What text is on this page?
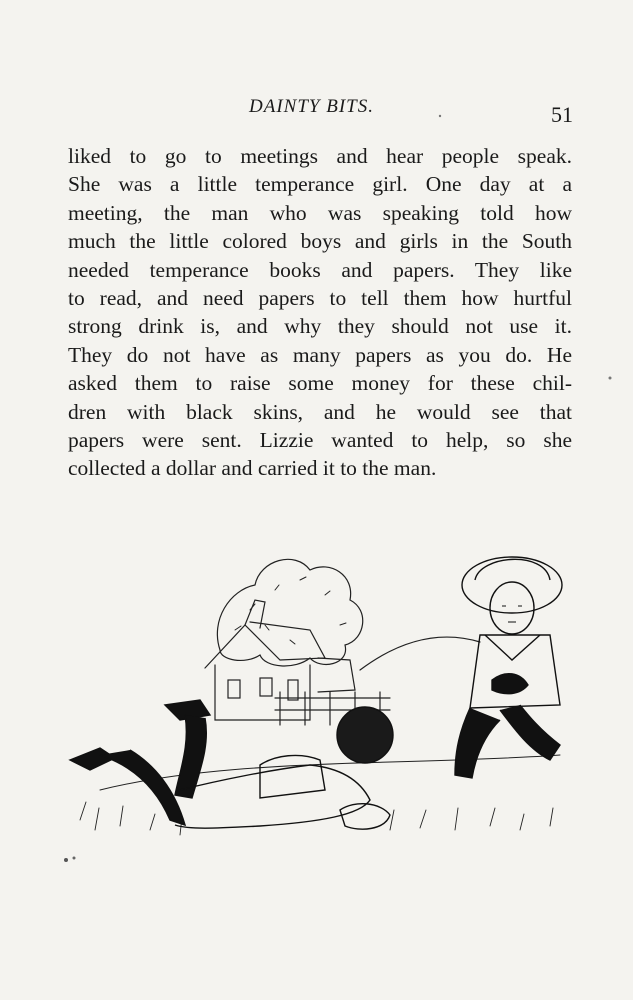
DAINTY BITS.	51
liked to go to meetings and hear people speak.
She was a little temperance girl. One day at a
meeting, the man who was speaking told how
much the little colored boys and girls in the South
needed temperance books and papers. They like
to read, and need papers to tell them how hurtful
strong drink is, and why they should not use it.
They do not have as many papers as you do. He
asked them to raise some money for these chil-
dren with black skins, and he would see that
papers were sent. Lizzie wanted to help, so she
collected a dollar and carried it to the man.
